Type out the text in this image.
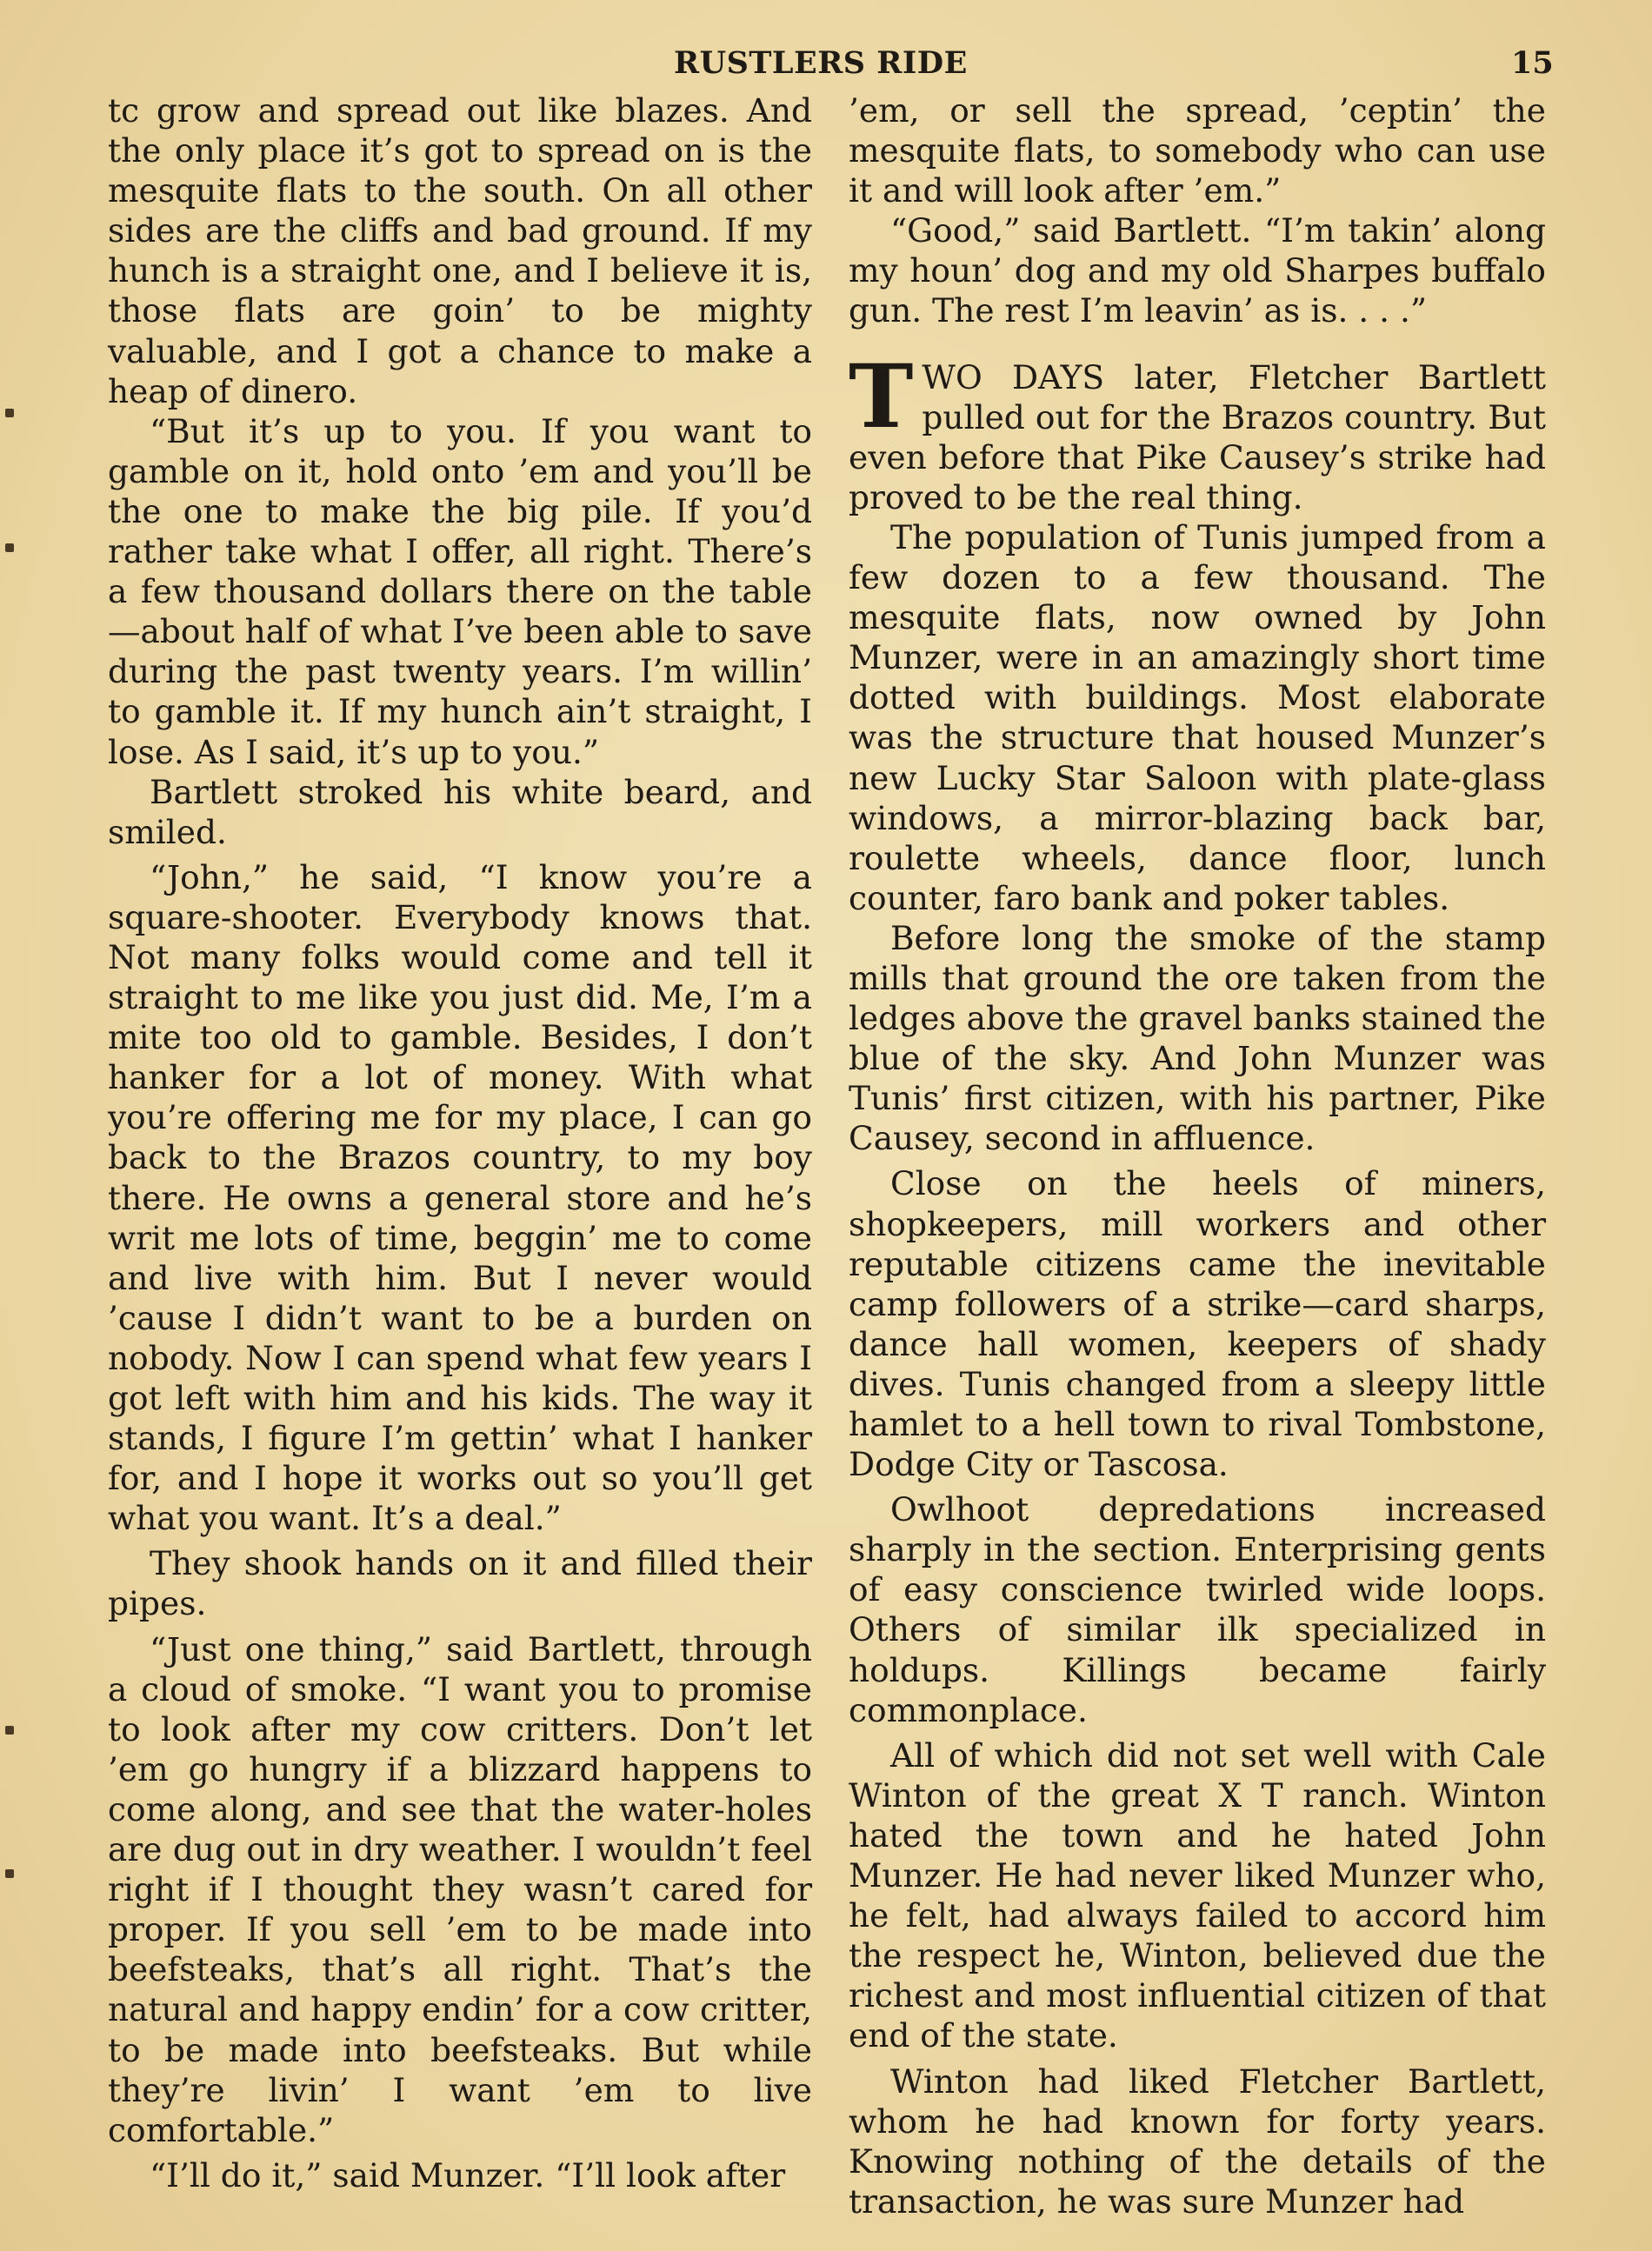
RUSTLERS RIDE	15

tc grow and spread out like blazes. And the only place it’s got to spread on is the mesquite flats to the south. On all other sides are the cliffs and bad ground. If my hunch is a straight one, and I believe it is, those flats are goin’ to be mighty valuable, and I got a chance to make a heap of dinero.

“But it’s up to you. If you want to gamble on it, hold onto ’em and you’ll be the one to make the big pile. If you’d rather take what I offer, all right. There’s a few thousand dollars there on the table —about half of what I’ve been able to save during the past twenty years. I’m willin’ to gamble it. If my hunch ain’t straight, I lose. As I said, it’s up to you.”

Bartlett stroked his white beard, and smiled.

“John,” he said, “I know you’re a square-shooter. Everybody knows that. Not many folks would come and tell it straight to me like you just did. Me, I’m a mite too old to gamble. Besides, I don’t hanker for a lot of money. With what you’re offering me for my place, I can go back to the Brazos country, to my boy there. He owns a general store and he’s writ me lots of time, beggin’ me to come and live with him. But I never would ’cause I didn’t want to be a burden on nobody. Now I can spend what few years I got left with him and his kids. The way it stands, I figure I’m gettin’ what I hanker for, and I hope it works out so you’ll get what you want. It’s a deal.”

They shook hands on it and filled their pipes.

“Just one thing,” said Bartlett, through a cloud of smoke. “I want you to promise to look after my cow critters. Don’t let ’em go hungry if a blizzard happens to come along, and see that the water-holes are dug out in dry weather. I wouldn’t feel right if I thought they wasn’t cared for proper. If you sell ’em to be made into beefsteaks, that’s all right. That’s the natural and happy endin’ for a cow critter, to be made into beefsteaks. But while they’re livin’ I want ’em to live comfortable.”

“I’ll do it,” said Munzer. “I’ll look after

’em, or sell the spread, ’ceptin’ the mesquite flats, to somebody who can use it and will look after ’em.”

“Good,” said Bartlett. “I’m takin’ along my houn’ dog and my old Sharpes buffalo gun. The rest I’m leavin’ as is. . . .”

TWO DAYS later, Fletcher Bartlett pulled out for the Brazos country. But even before that Pike Causey’s strike had proved to be the real thing.

The population of Tunis jumped from a few dozen to a few thousand. The mesquite flats, now owned by John Munzer, were in an amazingly short time dotted with buildings. Most elaborate was the structure that housed Munzer’s new Lucky Star Saloon with plate-glass windows, a mirror-blazing back bar, roulette wheels, dance floor, lunch counter, faro bank and poker tables.

Before long the smoke of the stamp mills that ground the ore taken from the ledges above the gravel banks stained the blue of the sky. And John Munzer was Tunis’ first citizen, with his partner, Pike Causey, second in affluence.

Close on the heels of miners, shopkeepers, mill workers and other reputable citizens came the inevitable camp followers of a strike—card sharps, dance hall women, keepers of shady dives. Tunis changed from a sleepy little hamlet to a hell town to rival Tombstone, Dodge City or Tascosa.

Owlhoot depredations increased sharply in the section. Enterprising gents of easy conscience twirled wide loops. Others of similar ilk specialized in holdups. Killings became fairly commonplace.

All of which did not set well with Cale Winton of the great X T ranch. Winton hated the town and he hated John Munzer. He had never liked Munzer who, he felt, had always failed to accord him the respect he, Winton, believed due the richest and most influential citizen of that end of the state.

Winton had liked Fletcher Bartlett, whom he had known for forty years. Knowing nothing of the details of the transaction, he was sure Munzer had
